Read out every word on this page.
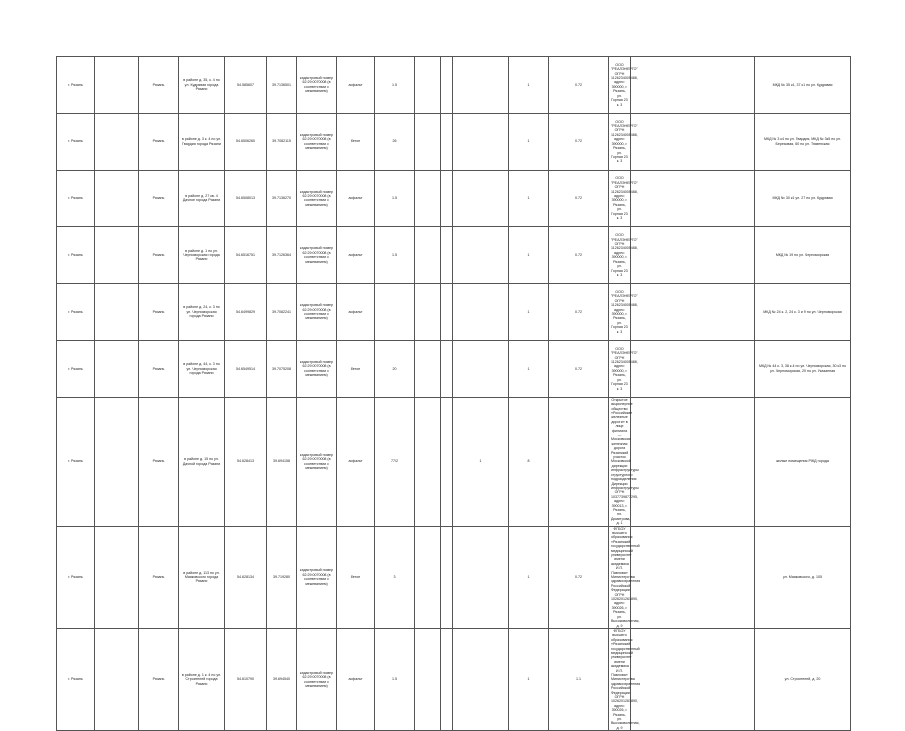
г. Рязань		Рязань	в районе д. 35, к. 4 по ул. Кудрявая города Рязани	54.585607	39.7136501	кадастровый номер 62:29:0070008 (в соответствии с межеванием)	асфальт	1.5				1	0.72	ООО "РЕАЛЭНЕРГО" ОГРН 1126234005488, адрес: 390000, г. Рязань, ул. Горная 23 к. 3		МКД № 35 к1, 37 к1 по ул. Кудрявая
г. Рязань		Рязань	в районе д. 3 к. 4 по ул. Гвардия города Рязани	54.6506260	39.7082115	кадастровый номер 62:29:0070008 (в соответствии с межеванием)	бетон	26				1	0.72	ООО "РЕАЛЭНЕРГО" ОГРН 1126234005488, адрес: 390000, г. Рязань, ул. Горная 23 к. 3		МКД № 3 к4 по ул. Гвардия, МКД № 3к5 по ул. Березовая, 60 по ул. Тюменская
г. Рязань		Рязань	в районе д. 27 кв. 4 Дачное города Рязани	54.6508013	39.7136270	кадастровый номер 62:29:0070008 (в соответствии с межеванием)	асфальт	1.5				1	0.72	ООО "РЕАЛЭНЕРГО" ОГРН 1126234005488, адрес: 390000, г. Рязань, ул. Горная 23 к. 3		МКД № 30 к1 ул. 27 по ул. Кудрявая
г. Рязань		Рязань	в районе д. 1 по ул. Черноморская города Рязани	54.6516751	39.7126364	кадастровый номер 62:29:0070008 (в соответствии с межеванием)	асфальт	1.5				1	0.72	ООО "РЕАЛЭНЕРГО" ОГРН 1126234005488, адрес: 390000, г. Рязань, ул. Горная 23 к. 3		МКД № 19 по ул. Черноморская
г. Рязань		Рязань	в районе д. 24, к. 3 по ул. Черноморская города Рязани	54.6499829	39.7082241	кадастровый номер 62:29:0070008 (в соответствии с межеванием)	асфальт					1	0.72	ООО "РЕАЛЭНЕРГО" ОГРН 1126234005488, адрес: 390000, г. Рязань, ул. Горная 23 к. 3		МКД № 24 к. 2, 24 к. 3 и 9 по ул. Черноморская
г. Рязань		Рязань	в районе д. 44, к. 3 по ул. Черноморская города Рязани	54.6549514	39.7075208	кадастровый номер 62:29:0070008 (в соответствии с межеванием)	бетон	20				1	0.72	ООО "РЕАЛЭНЕРГО" ОГРН 1126234005488, адрес: 390000, г. Рязань, ул. Горная 23 к. 3		МКД № 44 к. 3, 38 к.4 по ул. Черноморская, 30 к3 по ул. Черноморская, 20 по ул. Указанная
г. Рязань		Рязань	в районе д. 15 по ул. Дачной города Рязани	54.628413	39.694158	кадастровый номер 62:29:0070008 (в соответствии с межеванием)	асфальт	77/2			1	8		Открытое акционерное общество «Российские железные дороги» в лице филиала — Московская железная дорога Рязанский участок Московской дирекции инфраструктуры структурного подразделения Дирекции инфраструктуры ОГРН 1037739877295, адрес: 390013, г. Рязань, пл. Димитрова, д. 1		жилые помещения РЖД города
г. Рязань		Рязань	в районе д. 113 по ул. Маяковского города Рязани	54.628134	39.719280	кадастровый номер 62:29:0070008 (в соответствии с межеванием)	бетон	3				1	0.72	ФГБОУ высшего образования «Рязанский государственный медицинский университет имени академика И.П. Павлова» Министерства здравоохранения Российской Федерации ОГРН 1026201261890, адрес: 390026, г. Рязань, ул. Высоковольтная, д. 9		ул. Маяковского, д. 105
г. Рязань		Рязань	в районе д. 1 к. 4 по ул. Строителей города Рязани	54.610790	39.694540	кадастровый номер 62:29:0070008 (в соответствии с межеванием)	асфальт	1.5				1	1.1	ФГБОУ высшего образования «Рязанский государственный медицинский университет имени академика И.П. Павлова» Министерства здравоохранения Российской Федерации ОГРН 1026201261890, адрес: 390026, г. Рязань, ул. Высоковольтная, д. 9		ул. Строителей, д. 20
